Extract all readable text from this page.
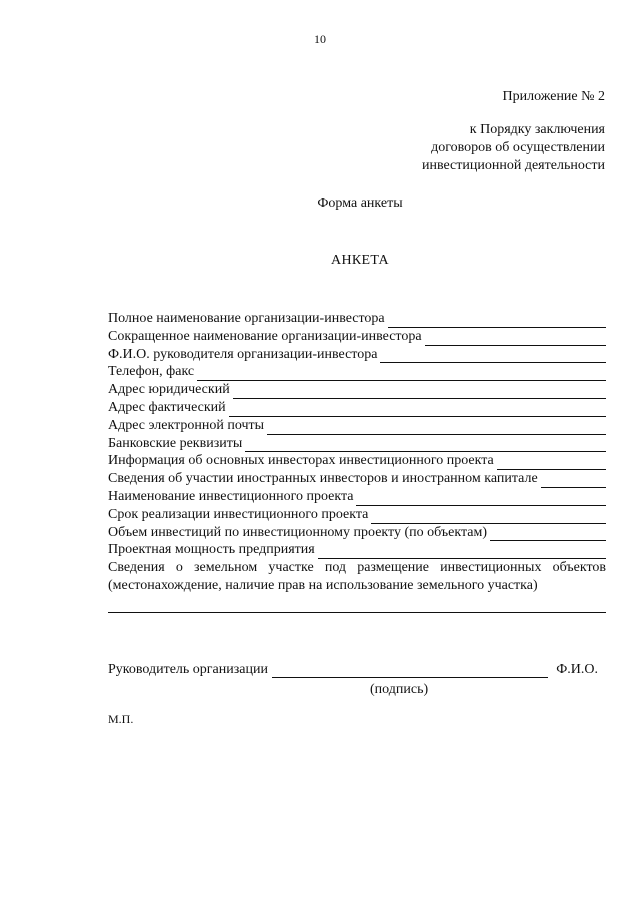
10
Приложение № 2
к Порядку заключения
договоров об осуществлении
инвестиционной деятельности
Форма анкеты
АНКЕТА
Полное наименование организации-инвестора
Сокращенное наименование организации-инвестора
Ф.И.О. руководителя организации-инвестора
Телефон, факс
Адрес юридический
Адрес фактический
Адрес электронной почты
Банковские реквизиты
Информация об основных инвесторах инвестиционного проекта
Сведения об участии иностранных инвесторов и иностранном капитале
Наименование инвестиционного проекта
Срок реализации инвестиционного проекта
Объем инвестиций по инвестиционному проекту (по объектам)
Проектная мощность предприятия
Сведения о земельном участке под размещение инвестиционных объектов (местонахождение, наличие прав на использование земельного участка)
Руководитель организации	Ф.И.О.
(подпись)
М.П.
